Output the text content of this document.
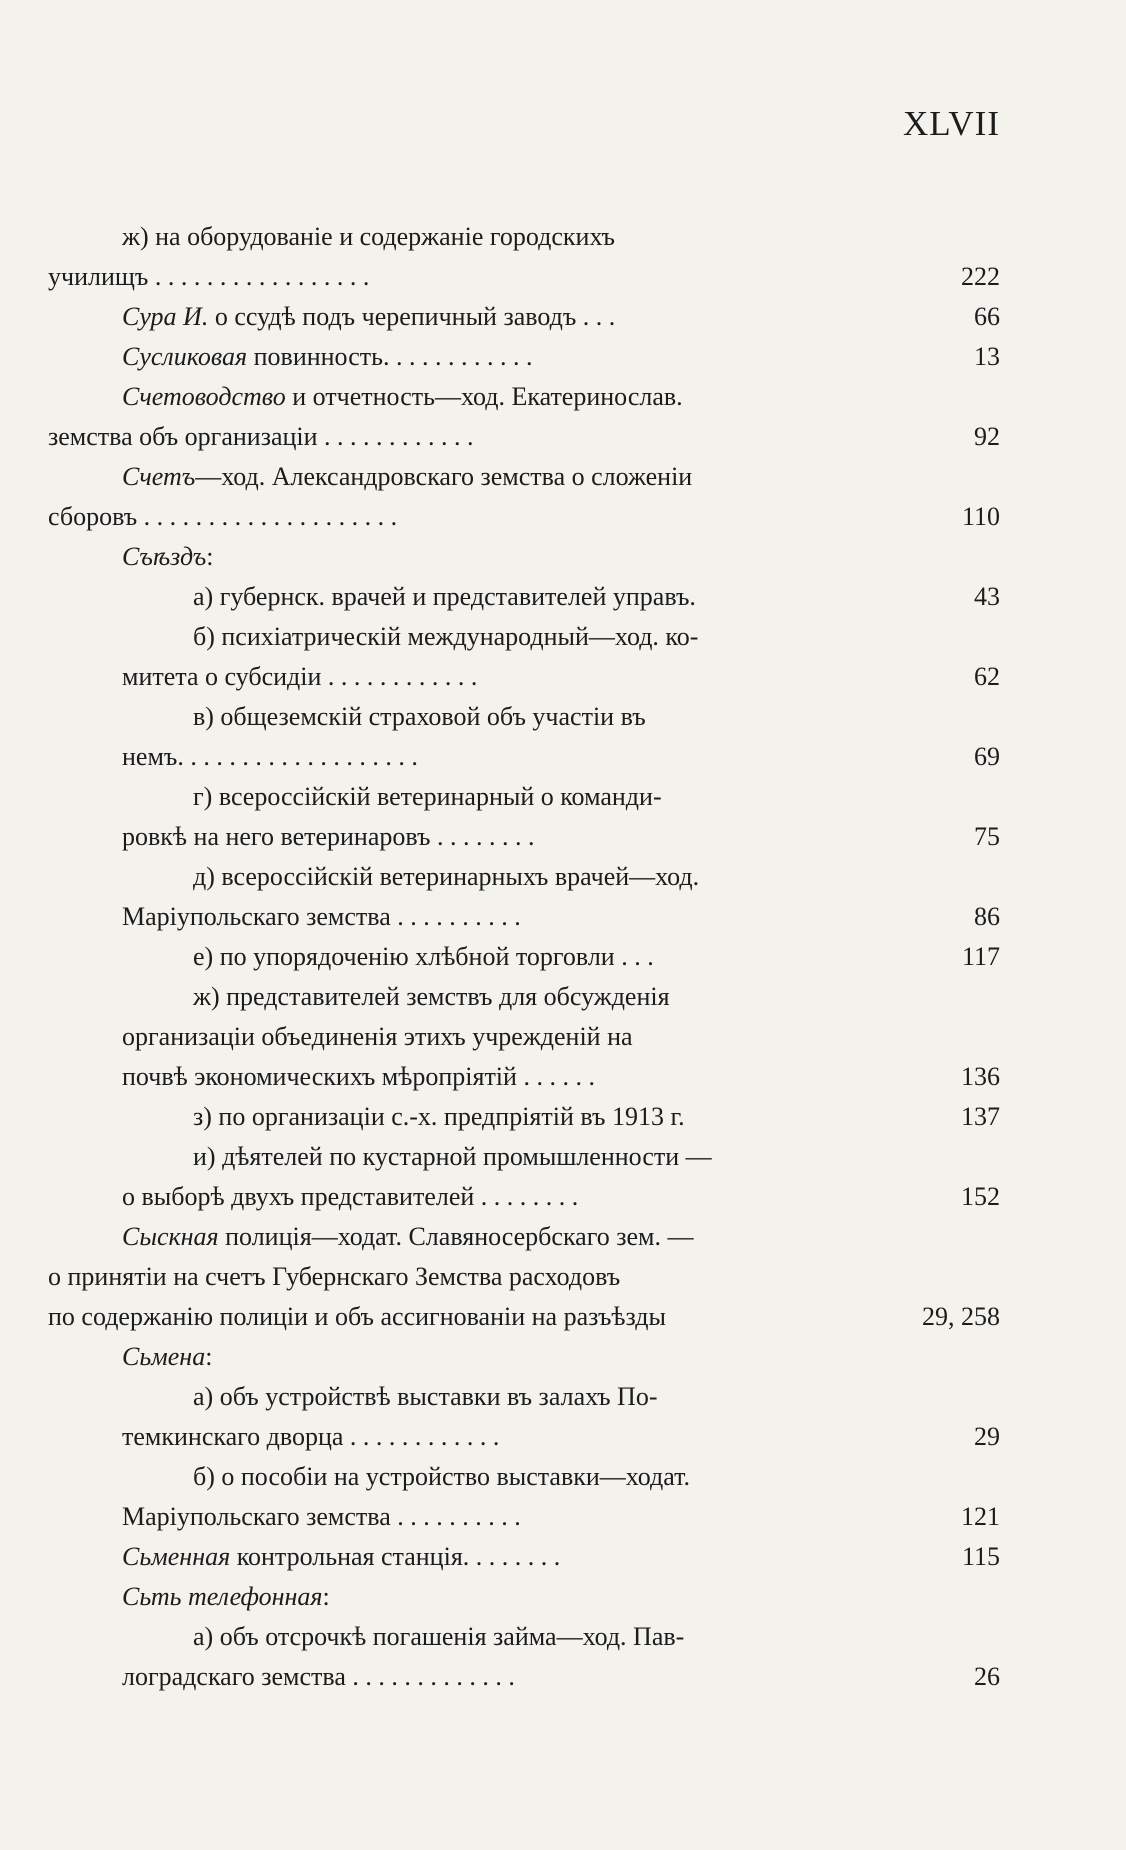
XLVII
ж) на оборудованіе и содержаніе городскихъ
училищъ . . . . . . . . . . . . . . . . .	222
Сура И. о ссудѣ подъ черепичный заводъ . . .	66
Сусликовая повинность. . . . . . . . . . . .	13
Счетоводство и отчетность—ход. Екатеринослав.
земства объ организаціи . . . . . . . . . . . .	92
Счетъ—ход. Александровскаго земства о сложеніи
сборовъ . . . . . . . . . . . . . . . . . . . .	110
Съѣздъ:
а) губернск. врачей и представителей управъ.	43
б) психіатрическій международный—ход. ко-
митета о субсидіи . . . . . . . . . . . .	62
в) общеземскій страховой объ участіи въ
немъ. . . . . . . . . . . . . . . . . . .	69
г) всероссійскій ветеринарный о команди-
ровкѣ на него ветеринаровъ . . . . . . . .	75
д) всероссійскій ветеринарныхъ врачей—ход.
Маріупольскаго земства . . . . . . . . . .	86
е) по упорядоченію хлѣбной торговли . . .	117
ж) представителей земствъ для обсужденія
организаціи объединенія этихъ учрежденій на
почвѣ экономическихъ мѣропріятій . . . . . .	136
з) по организаціи с.-х. предпріятій въ 1913 г.	137
и) дѣятелей по кустарной промышленности —
о выборѣ двухъ представителей . . . . . . . .	152
Сыскная полиція—ходат. Славяносербскаго зем. —
о принятіи на счетъ Губернскаго Земства расходовъ
по содержанію полиціи и объ ассигнованіи на разъѣзды	29, 258
Сьмена:
а) объ устройствѣ выставки въ залахъ По-
темкинскаго дворца . . . . . . . . . . . .	29
б) о пособіи на устройство выставки—ходат.
Маріупольскаго земства . . . . . . . . . .	121
Сьменная контрольная станція. . . . . . . .	115
Сьть телефонная:
а) объ отсрочкѣ погашенія займа—ход. Пав-
лоградскаго земства . . . . . . . . . . . . .	26
